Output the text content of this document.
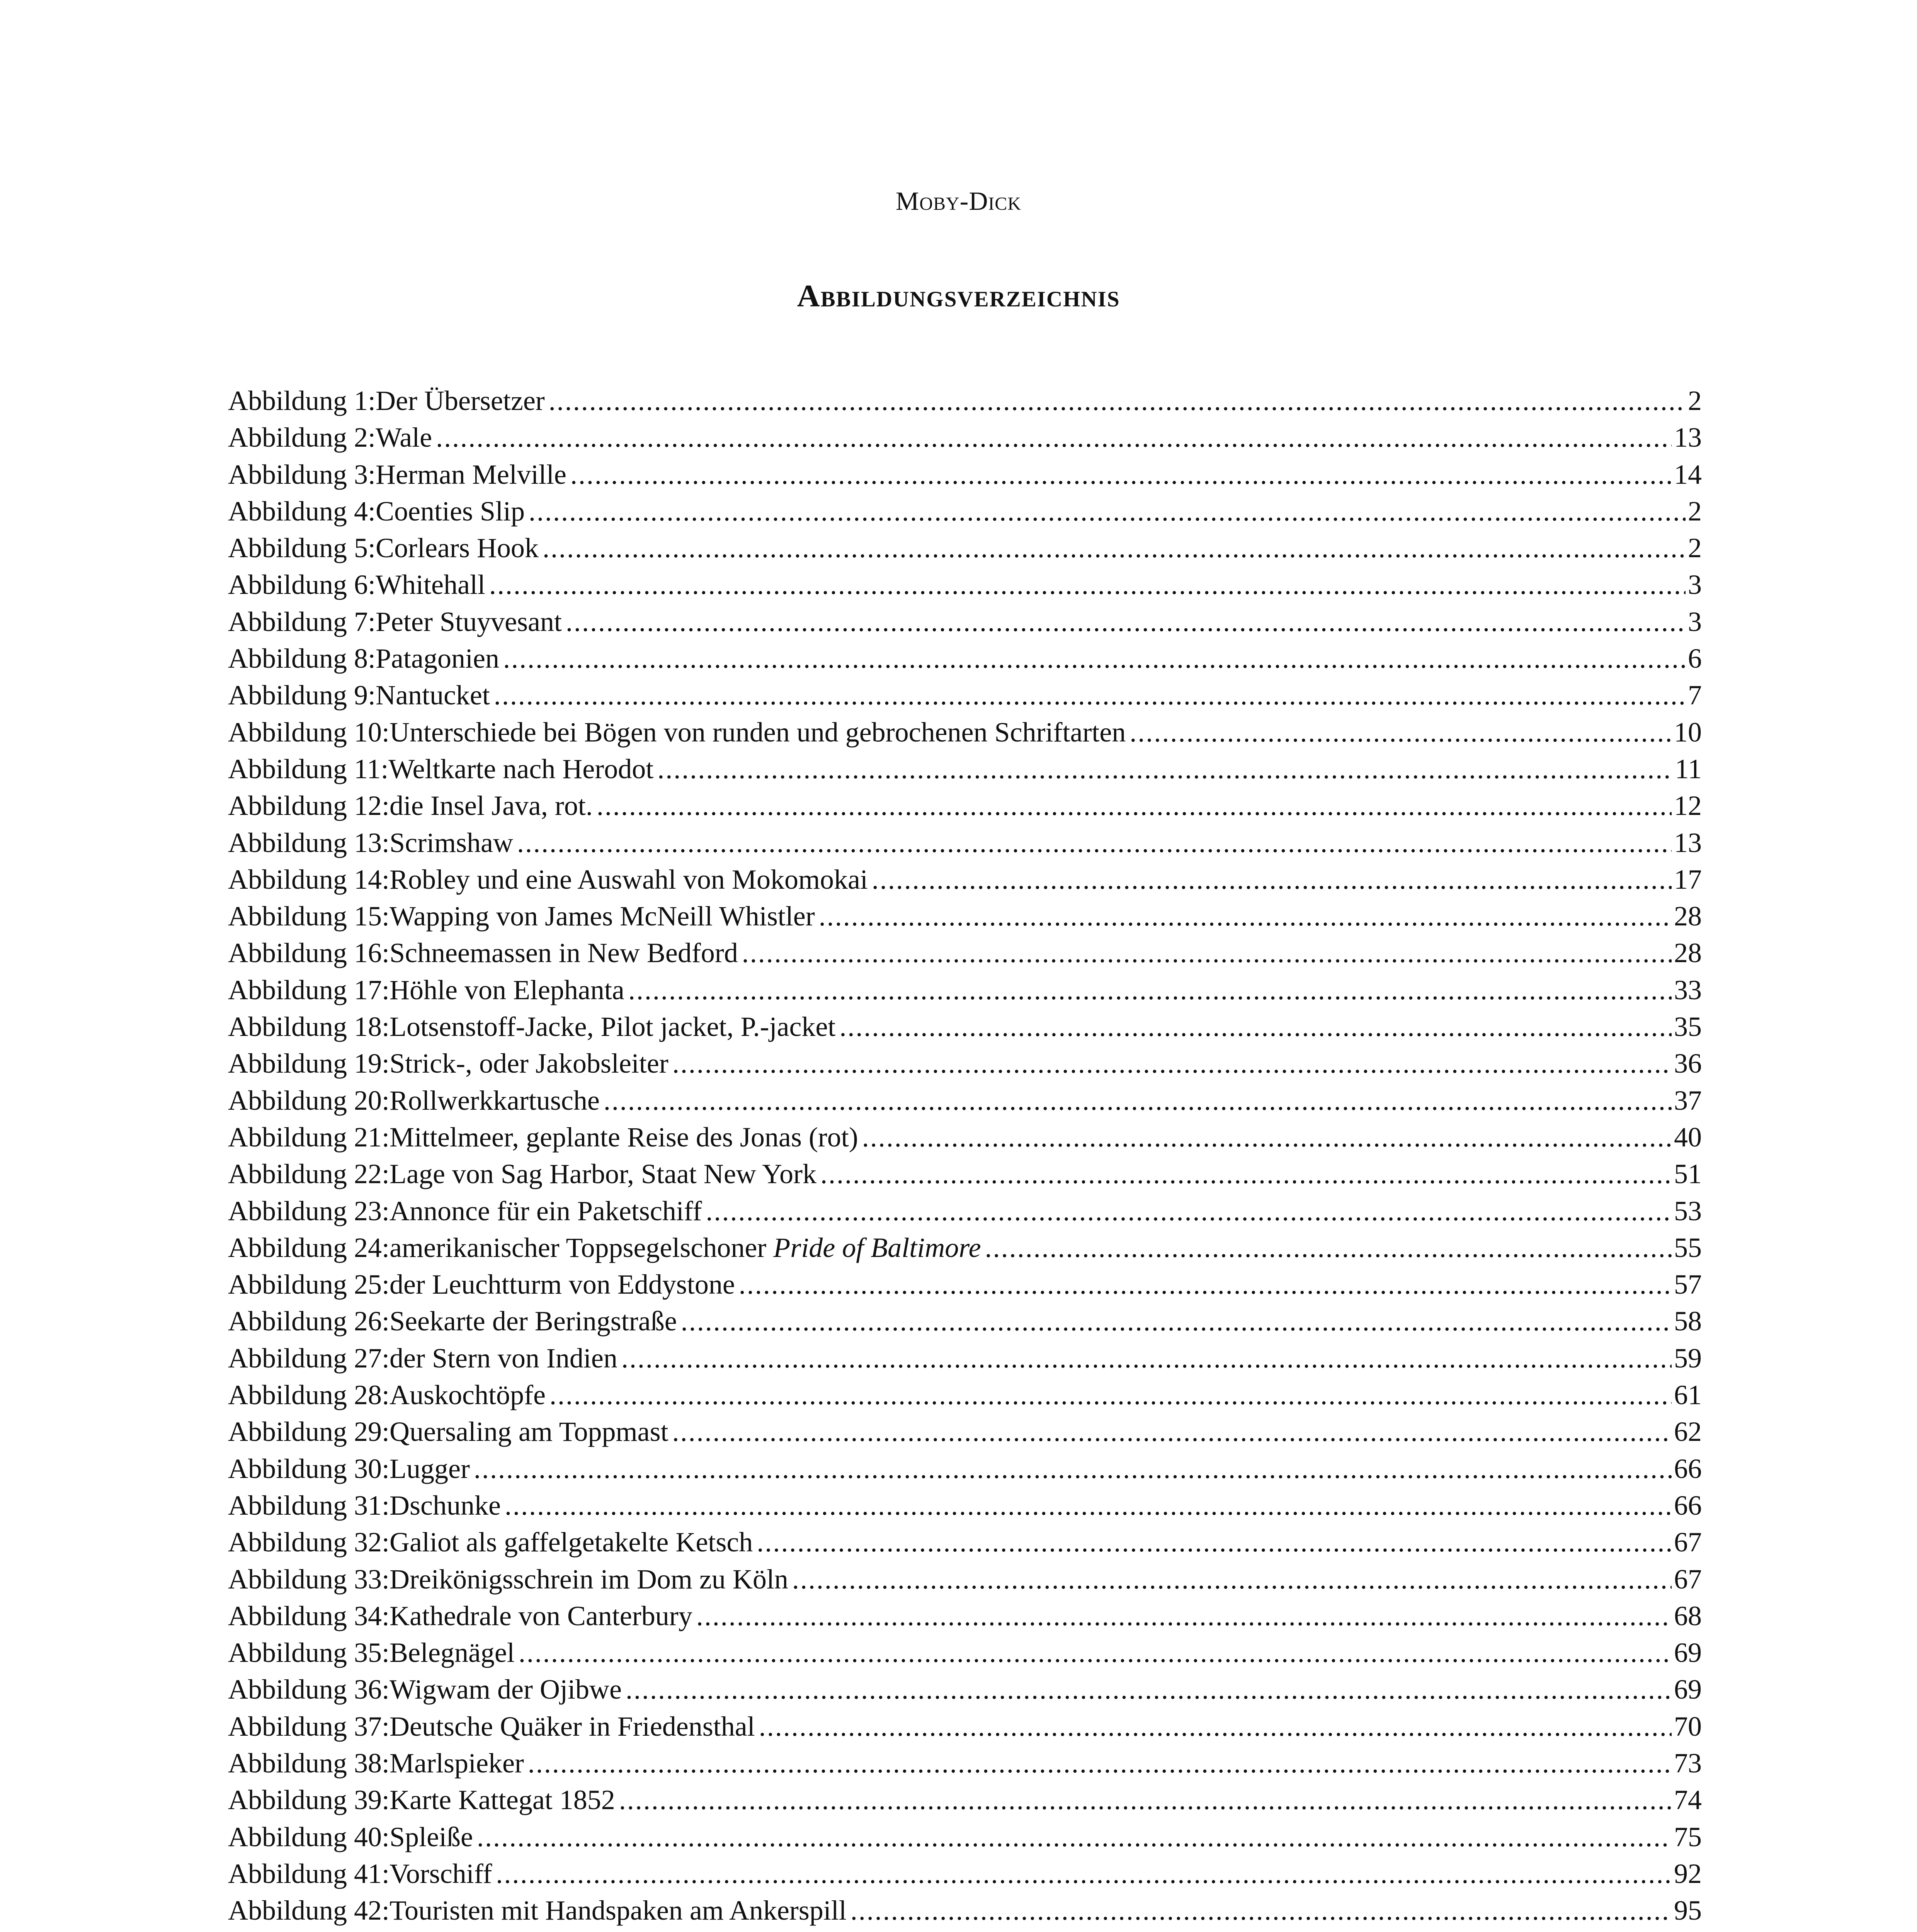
Moby-Dick
Abbildungsverzeichnis
Abbildung 1: Der Übersetzer .....	2
Abbildung 2: Wale .....	13
Abbildung 3: Herman Melville .....	14
Abbildung 4: Coenties Slip .....	2
Abbildung 5: Corlears Hook .....	2
Abbildung 6: Whitehall .....	3
Abbildung 7: Peter Stuyvesant .....	3
Abbildung 8: Patagonien .....	6
Abbildung 9: Nantucket .....	7
Abbildung 10: Unterschiede bei Bögen von runden und gebrochenen Schriftarten .....	10
Abbildung 11: Weltkarte nach Herodot .....	11
Abbildung 12: die Insel Java, rot. .....	12
Abbildung 13: Scrimshaw .....	13
Abbildung 14: Robley und eine Auswahl von Mokomokai .....	17
Abbildung 15: Wapping von James McNeill Whistler .....	28
Abbildung 16: Schneemassen in New Bedford .....	28
Abbildung 17: Höhle von Elephanta .....	33
Abbildung 18: Lotsenstoff-Jacke, Pilot jacket, P.-jacket .....	35
Abbildung 19: Strick-, oder Jakobsleiter .....	36
Abbildung 20: Rollwerkkartusche .....	37
Abbildung 21: Mittelmeer, geplante Reise des Jonas (rot) .....	40
Abbildung 22: Lage von Sag Harbor, Staat New York .....	51
Abbildung 23: Annonce für ein Paketschiff .....	53
Abbildung 24: amerikanischer Toppsegelschoner Pride of Baltimore .....	55
Abbildung 25: der Leuchtturm von Eddystone .....	57
Abbildung 26: Seekarte der Beringstraße .....	58
Abbildung 27: der Stern von Indien .....	59
Abbildung 28: Auskochtöpfe .....	61
Abbildung 29: Quersaling am Toppmast .....	62
Abbildung 30: Lugger .....	66
Abbildung 31: Dschunke .....	66
Abbildung 32: Galiot als gaffelgetakelte Ketsch .....	67
Abbildung 33: Dreikönigsschrein im Dom zu Köln .....	67
Abbildung 34: Kathedrale von Canterbury .....	68
Abbildung 35: Belegnägel .....	69
Abbildung 36: Wigwam der Ojibwe .....	69
Abbildung 37: Deutsche Quäker in Friedensthal .....	70
Abbildung 38: Marlspieker .....	73
Abbildung 39: Karte Kattegat 1852 .....	74
Abbildung 40: Spleiße .....	75
Abbildung 41: Vorschiff .....	92
Abbildung 42: Touristen mit Handspaken am Ankerspill .....	95
.....
